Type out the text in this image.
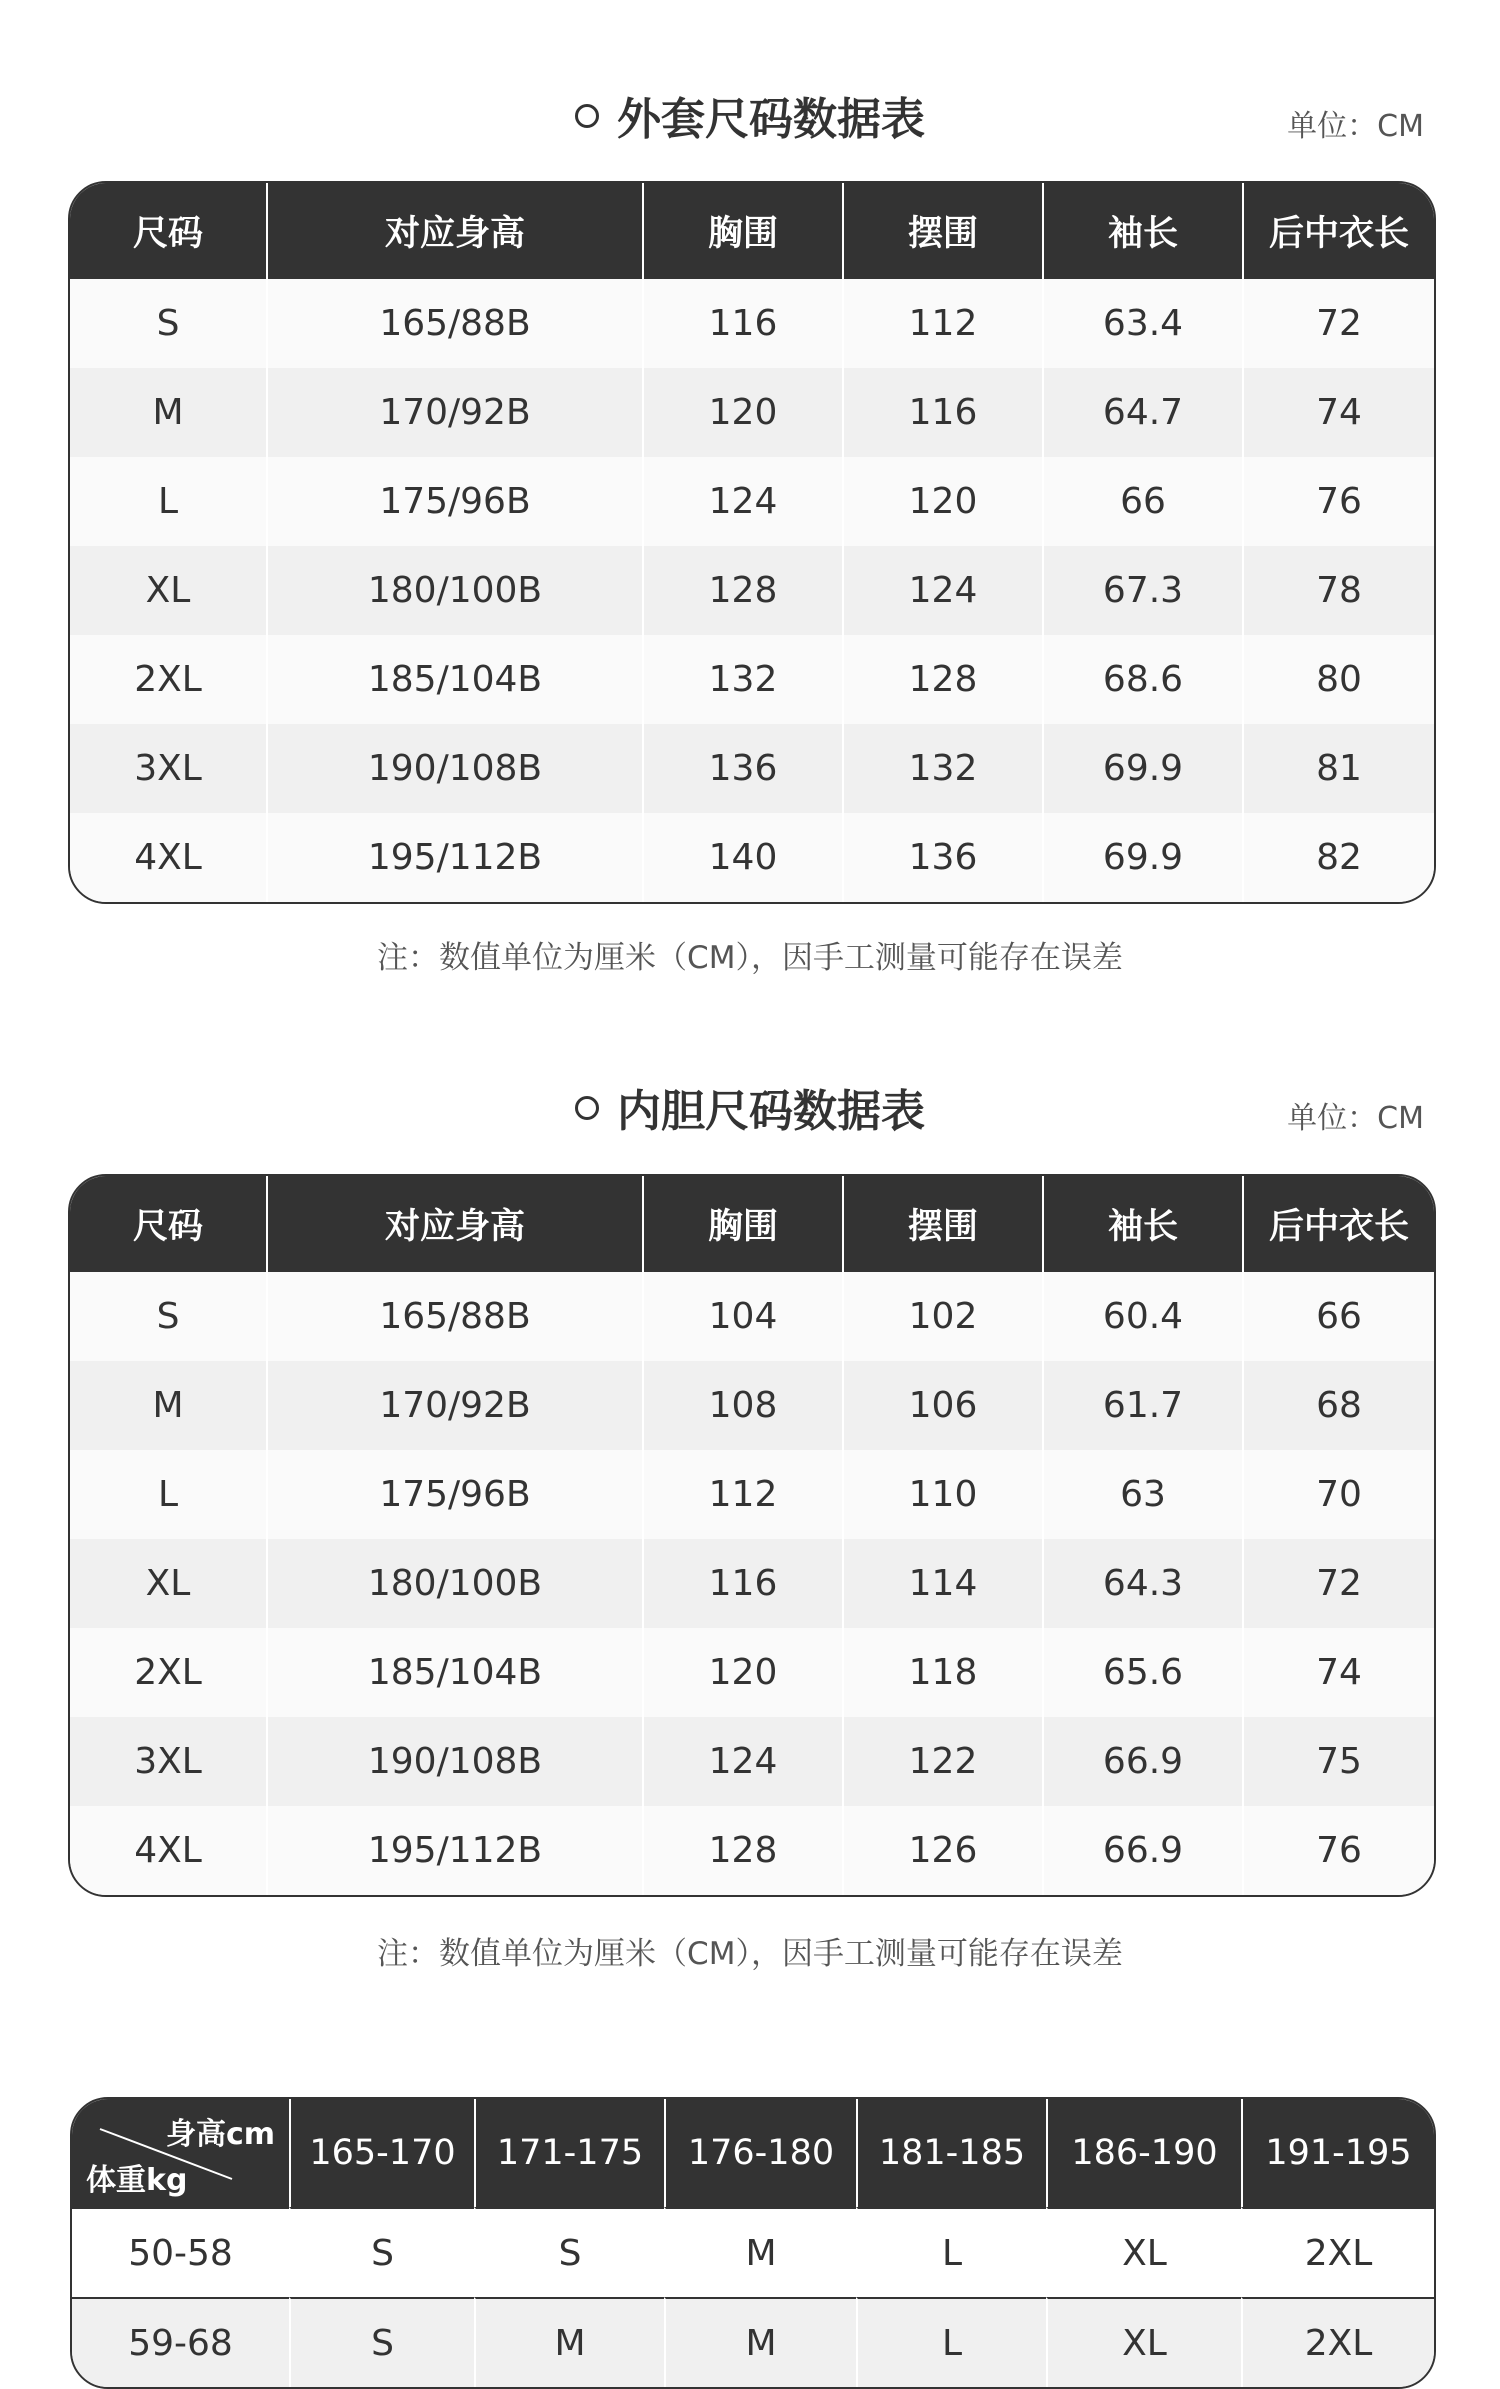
外套尺码数据表	单位：CM
尺码	对应身高	胸围	摆围	袖长	后中衣长
S	165/88B	116	112	63.4	72
M	170/92B	120	116	64.7	74
L	175/96B	124	120	66	76
XL	180/100B	128	124	67.3	78
2XL	185/104B	132	128	68.6	80
3XL	190/108B	136	132	69.9	81
4XL	195/112B	140	136	69.9	82
注：数值单位为厘米（CM），因手工测量可能存在误差
内胆尺码数据表	单位：CM
尺码	对应身高	胸围	摆围	袖长	后中衣长
S	165/88B	104	102	60.4	66
M	170/92B	108	106	61.7	68
L	175/96B	112	110	63	70
XL	180/100B	116	114	64.3	72
2XL	185/104B	120	118	65.6	74
3XL	190/108B	124	122	66.9	75
4XL	195/112B	128	126	66.9	76
注：数值单位为厘米（CM），因手工测量可能存在误差
身高cm
体重kg	165-170	171-175	176-180	181-185	186-190	191-195
50-58	S	S	M	L	XL	2XL
59-68	S	M	M	L	XL	2XL
